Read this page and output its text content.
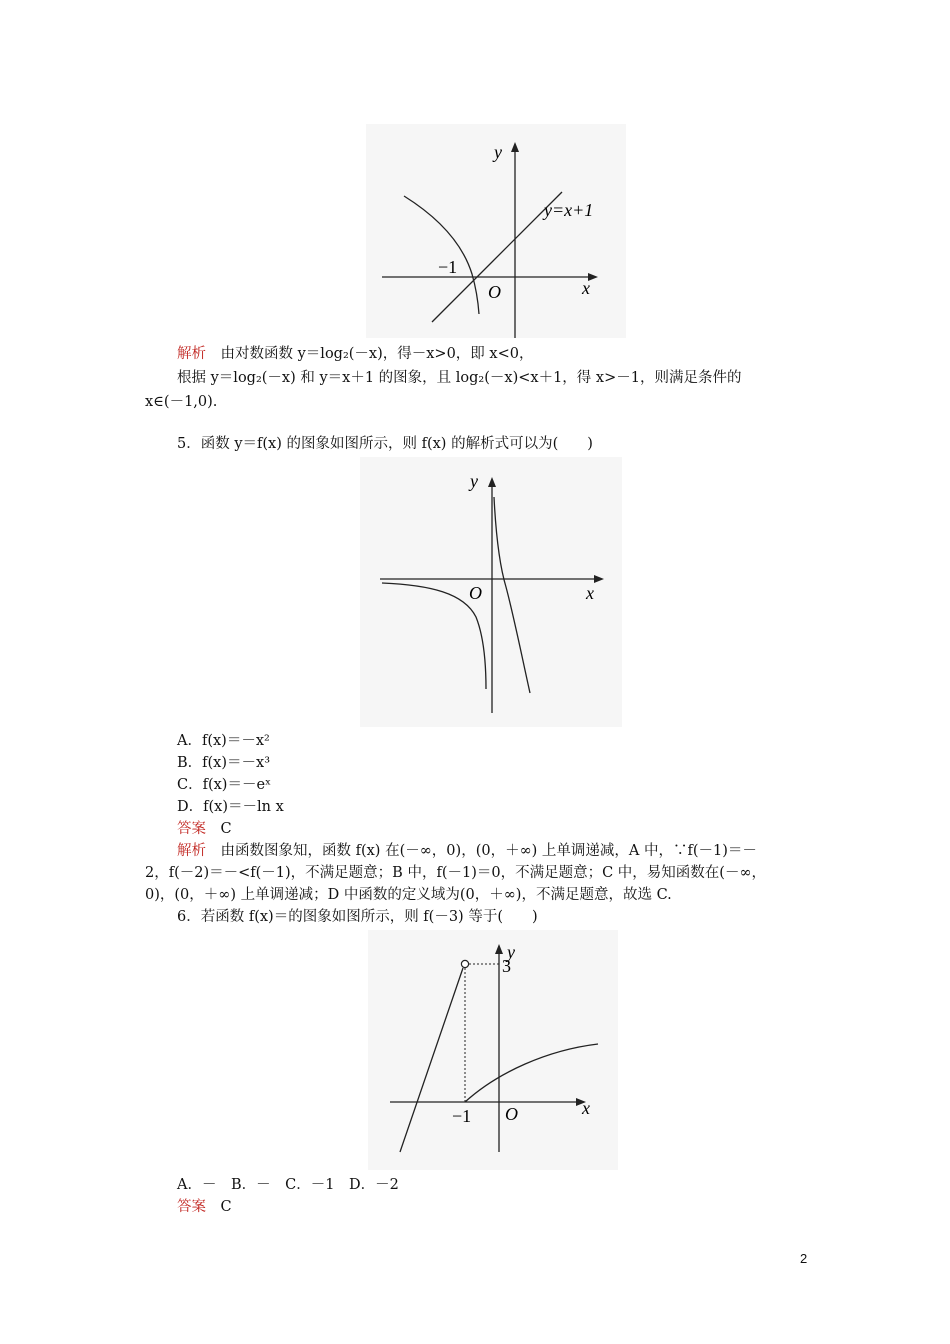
y
x
O
−1
y=x+1
解析　 由对数函数 y＝log₂(－x)，得－x>0，即 x<0，
根据 y＝log₂(－x) 和 y＝x＋1 的图象，且 log₂(－x)<x＋1，得 x>－1，则满足条件的
x∈(－1,0).
5．函数 y＝f(x) 的图象如图所示，则 f(x) 的解析式可以为(　　)
y
x
O
A．f(x)＝－x²
B．f(x)＝－x³
C．f(x)＝－eˣ
D．f(x)＝－ln x
答案　 C
解析　 由函数图象知，函数 f(x) 在(－∞，0)，(0，＋∞) 上单调递减，A 中，∵f(－1)＝－
2，f(－2)＝－<f(－1)，不满足题意；B 中，f(－1)＝0，不满足题意；C 中，易知函数在(－∞，
0)，(0，＋∞) 上单调递减；D 中函数的定义域为(0，＋∞)，不满足题意，故选 C.
6．若函数 f(x)＝的图象如图所示，则 f(－3) 等于(　　)
y
x
O
3
−1
A．－　B．－　C．－1　D．－2
答案　 C
2
